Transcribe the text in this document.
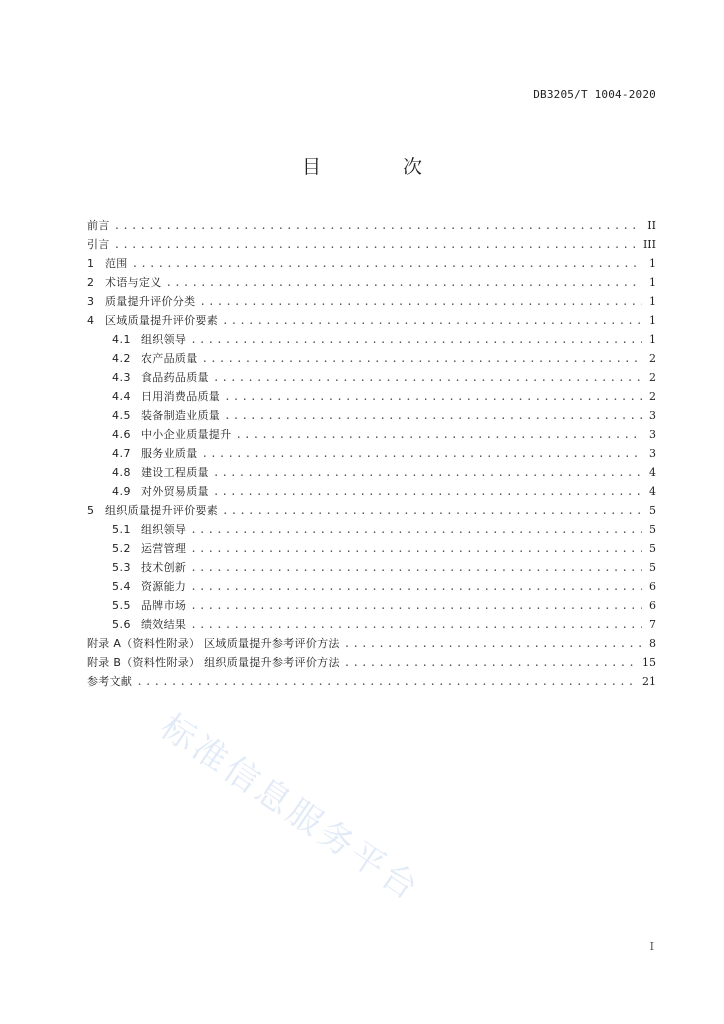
DB3205/T 1004-2020
目 次
前言 .....	II
引言 .....	III
1	范围 .....	1
2	术语与定义 .....	1
3	质量提升评价分类 .....	1
4	区域质量提升评价要素 .....	1
4.1 组织领导 .....	1
4.2 农产品质量 .....	2
4.3 食品药品质量 .....	2
4.4 日用消费品质量 .....	2
4.5 装备制造业质量 .....	3
4.6 中小企业质量提升 .....	3
4.7 服务业质量 .....	3
4.8 建设工程质量 .....	4
4.9 对外贸易质量 .....	4
5	组织质量提升评价要素 .....	5
5.1 组织领导 .....	5
5.2 运营管理 .....	5
5.3 技术创新 .....	5
5.4 资源能力 .....	6
5.5 品牌市场 .....	6
5.6 绩效结果 .....	7
附录 A（资料性附录） 区域质量提升参考评价方法 .....	8
附录 B（资料性附录） 组织质量提升参考评价方法 .....	15
参考文献 .....	21
标准信息服务平台
I
